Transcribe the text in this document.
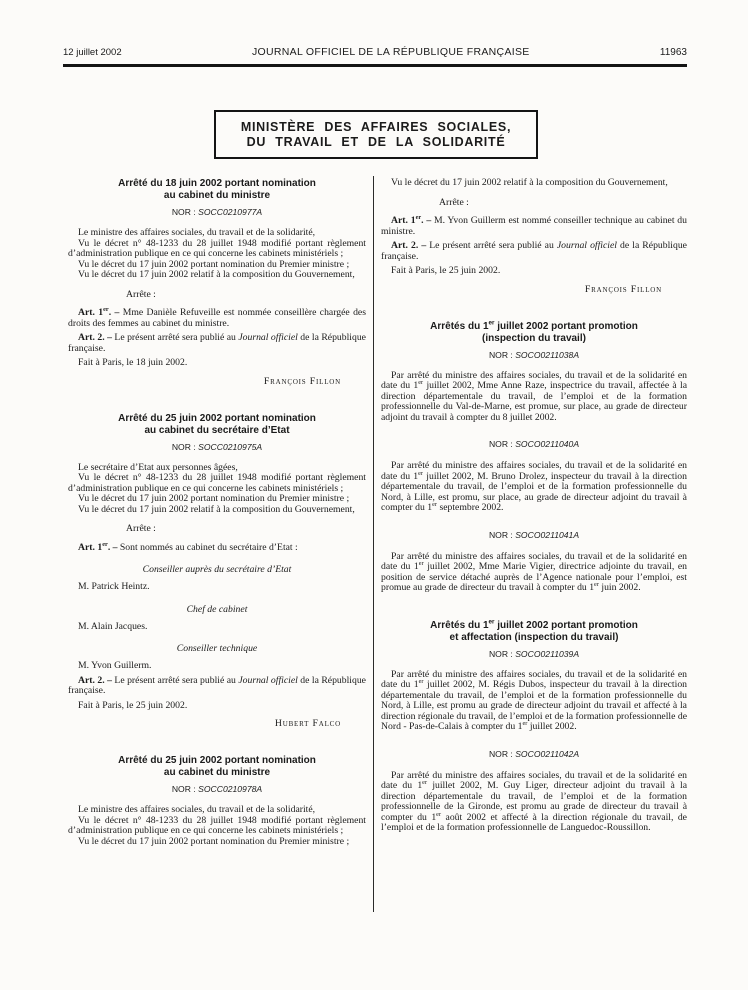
12 juillet 2002	JOURNAL OFFICIEL DE LA RÉPUBLIQUE FRANÇAISE	11963
MINISTÈRE DES AFFAIRES SOCIALES,
DU TRAVAIL ET DE LA SOLIDARITÉ
Arrêté du 18 juin 2002 portant nomination
au cabinet du ministre
NOR : SOCC0210977A

Le ministre des affaires sociales, du travail et de la solidarité,

Vu le décret n° 48-1233 du 28 juillet 1948 modifié portant règlement d’administration publique en ce qui concerne les cabinets ministériels ;

Vu le décret du 17 juin 2002 portant nomination du Premier ministre ;

Vu le décret du 17 juin 2002 relatif à la composition du Gouvernement,

Arrête :

Art. 1er. – Mme Danièle Refuveille est nommée conseillère chargée des droits des femmes au cabinet du ministre.

Art. 2. – Le présent arrêté sera publié au Journal officiel de la République française.

Fait à Paris, le 18 juin 2002.

François Fillon
Arrêté du 25 juin 2002 portant nomination
au cabinet du secrétaire d’Etat
NOR : SOCC0210975A

Le secrétaire d’Etat aux personnes âgées,

Vu le décret n° 48-1233 du 28 juillet 1948 modifié portant règlement d’administration publique en ce qui concerne les cabinets ministériels ;

Vu le décret du 17 juin 2002 portant nomination du Premier ministre ;

Vu le décret du 17 juin 2002 relatif à la composition du Gouvernement,

Arrête :

Art. 1er. – Sont nommés au cabinet du secrétaire d’Etat :

Conseiller auprès du secrétaire d’Etat

M. Patrick Heintz.

Chef de cabinet

M. Alain Jacques.

Conseiller technique

M. Yvon Guillerm.

Art. 2. – Le présent arrêté sera publié au Journal officiel de la République française.

Fait à Paris, le 25 juin 2002.

Hubert Falco
Arrêté du 25 juin 2002 portant nomination
au cabinet du ministre
NOR : SOCC0210978A

Le ministre des affaires sociales, du travail et de la solidarité,

Vu le décret n° 48-1233 du 28 juillet 1948 modifié portant règlement d’administration publique en ce qui concerne les cabinets ministériels ;

Vu le décret du 17 juin 2002 portant nomination du Premier ministre ;

Vu le décret du 17 juin 2002 relatif à la composition du Gouvernement,

Arrête :

Art. 1er. – M. Yvon Guillerm est nommé conseiller technique au cabinet du ministre.

Art. 2. – Le présent arrêté sera publié au Journal officiel de la République française.

Fait à Paris, le 25 juin 2002.

François Fillon
Arrêtés du 1er juillet 2002 portant promotion
(inspection du travail)
NOR : SOCO0211038A

Par arrêté du ministre des affaires sociales, du travail et de la solidarité en date du 1er juillet 2002, Mme Anne Raze, inspectrice du travail, affectée à la direction départementale du travail, de l’emploi et de la formation professionnelle du Val-de-Marne, est promue, sur place, au grade de directeur adjoint du travail à compter du 8 juillet 2002.

NOR : SOCO0211040A

Par arrêté du ministre des affaires sociales, du travail et de la solidarité en date du 1er juillet 2002, M. Bruno Drolez, inspecteur du travail à la direction départementale du travail, de l’emploi et de la formation professionnelle du Nord, à Lille, est promu, sur place, au grade de directeur adjoint du travail à compter du 1er septembre 2002.

NOR : SOCO0211041A

Par arrêté du ministre des affaires sociales, du travail et de la solidarité en date du 1er juillet 2002, Mme Marie Vigier, directrice adjointe du travail, en position de service détaché auprès de l’Agence nationale pour l’emploi, est promue au grade de directeur du travail à compter du 1er juin 2002.

Arrêtés du 1er juillet 2002 portant promotion
et affectation (inspection du travail)
NOR : SOCO0211039A

Par arrêté du ministre des affaires sociales, du travail et de la solidarité en date du 1er juillet 2002, M. Régis Dubos, inspecteur du travail à la direction départementale du travail, de l’emploi et de la formation professionnelle du Nord, à Lille, est promu au grade de directeur adjoint du travail et affecté à la direction régionale du travail, de l’emploi et de la formation professionnelle de Nord - Pas-de-Calais à compter du 1er juillet 2002.

NOR : SOCO0211042A

Par arrêté du ministre des affaires sociales, du travail et de la solidarité en date du 1er juillet 2002, M. Guy Liger, directeur adjoint du travail à la direction départementale du travail, de l’emploi et de la formation professionnelle de la Gironde, est promu au grade de directeur du travail à compter du 1er août 2002 et affecté à la direction régionale du travail, de l’emploi et de la formation professionnelle de Languedoc-Roussillon.
